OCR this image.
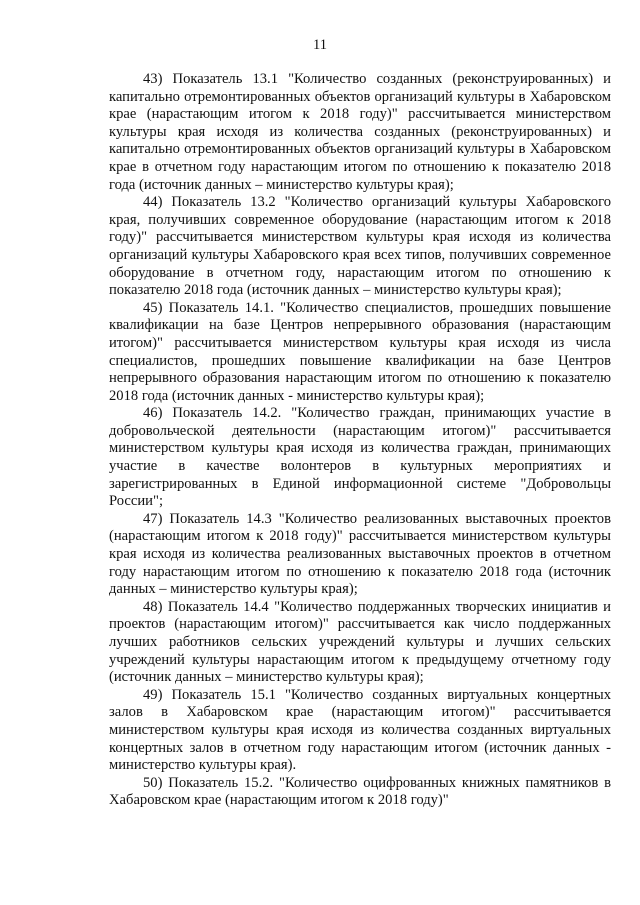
11

43) Показатель 13.1 "Количество созданных (реконструированных) и капитально отремонтированных объектов организаций культуры в Хабаровском крае (нарастающим итогом к 2018 году)" рассчитывается министерством культуры края исходя из количества созданных (реконструированных) и капитально отремонтированных объектов организаций культуры в Хабаровском крае в отчетном году нарастающим итогом по отношению к показателю 2018 года (источник данных – министерство культуры края);

44) Показатель 13.2 "Количество организаций культуры Хабаровского края, получивших современное оборудование (нарастающим итогом к 2018 году)" рассчитывается министерством культуры края исходя из количества организаций культуры Хабаровского края всех типов, получивших современное оборудование в отчетном году, нарастающим итогом по отношению к показателю 2018 года (источник данных – министерство культуры края);

45) Показатель 14.1. "Количество специалистов, прошедших повышение квалификации на базе Центров непрерывного образования (нарастающим итогом)" рассчитывается министерством культуры края исходя из числа специалистов, прошедших повышение квалификации на базе Центров непрерывного образования нарастающим итогом по отношению к показателю 2018 года (источник данных - министерство культуры края);

46) Показатель 14.2. "Количество граждан, принимающих участие в добровольческой деятельности (нарастающим итогом)" рассчитывается министерством культуры края исходя из количества граждан, принимающих участие в качестве волонтеров в культурных мероприятиях и зарегистрированных в Единой информационной системе "Добровольцы России";

47) Показатель 14.3 "Количество реализованных выставочных проектов (нарастающим итогом к 2018 году)" рассчитывается министерством культуры края исходя из количества реализованных выставочных проектов в отчетном году нарастающим итогом по отношению к показателю 2018 года (источник данных – министерство культуры края);

48) Показатель 14.4 "Количество поддержанных творческих инициатив и проектов (нарастающим итогом)" рассчитывается как число поддержанных лучших работников сельских учреждений культуры и лучших сельских учреждений культуры нарастающим итогом к предыдущему отчетному году (источник данных – министерство культуры края);

49) Показатель 15.1 "Количество созданных виртуальных концертных залов в Хабаровском крае (нарастающим итогом)" рассчитывается министерством культуры края исходя из количества созданных виртуальных концертных залов в отчетном году нарастающим итогом (источник данных - министерство культуры края).

50) Показатель 15.2. "Количество оцифрованных книжных памятников в Хабаровском крае (нарастающим итогом к 2018 году)"
